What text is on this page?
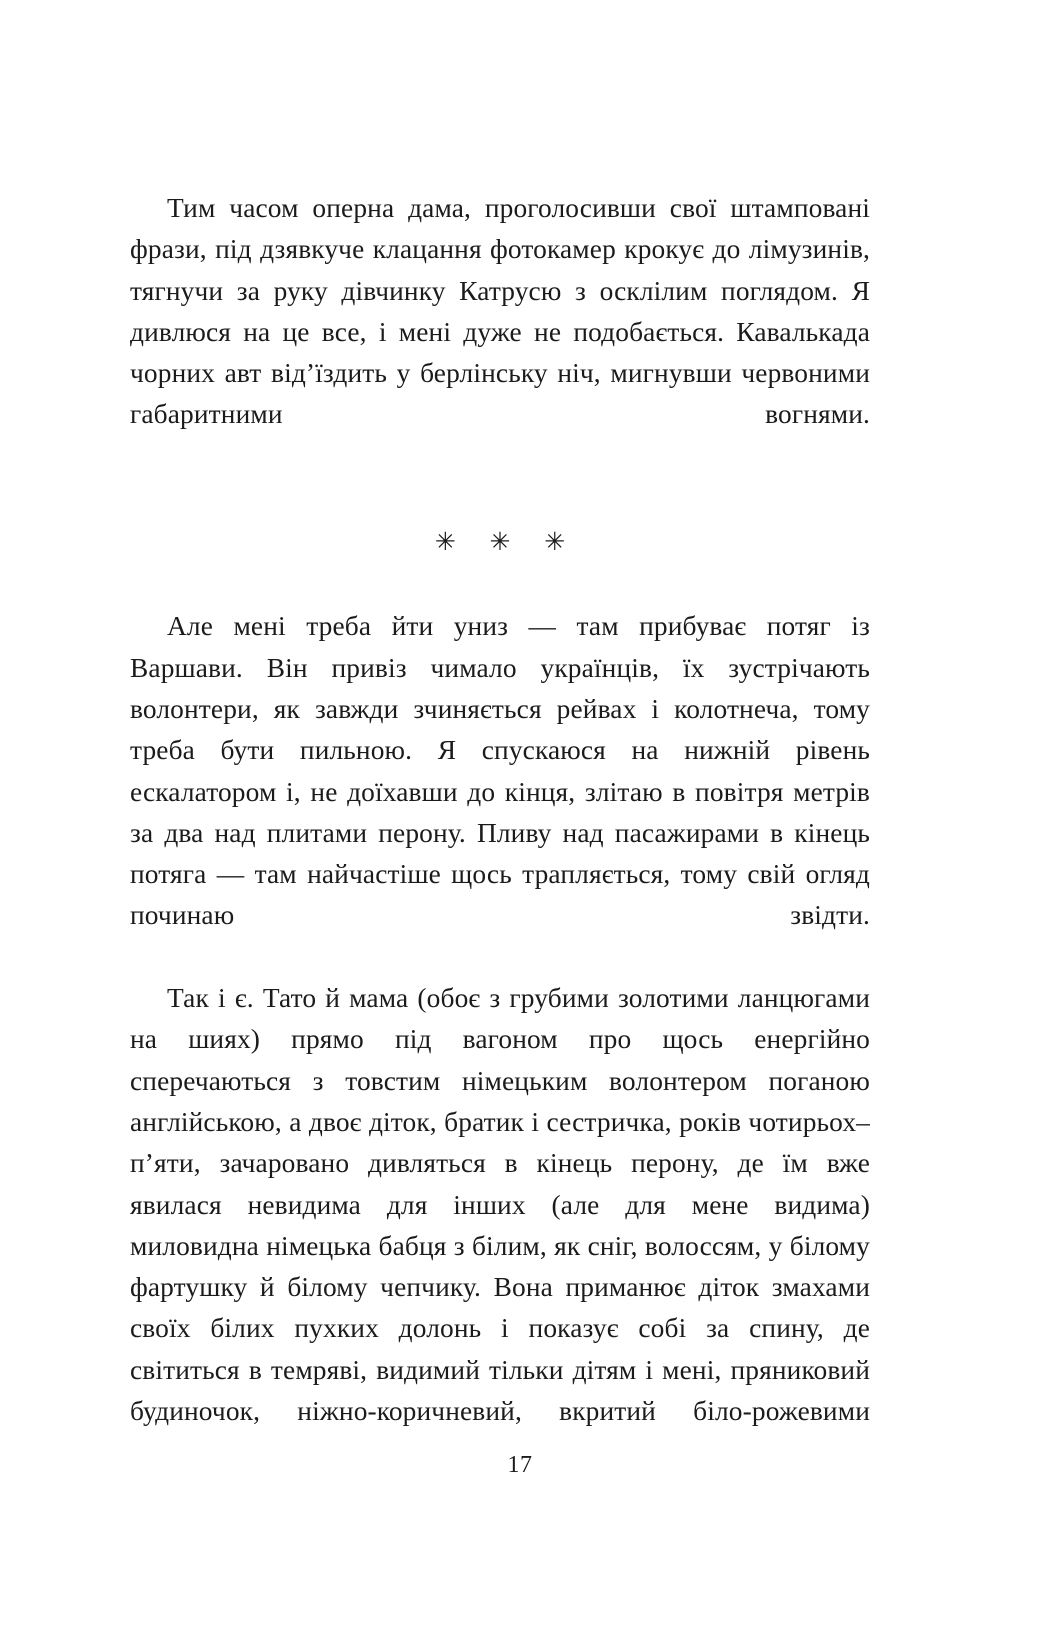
Тим часом оперна дама, проголосивши свої штамповані фрази, під дзявкуче клацання фотокамер крокує до лімузинів, тягнучи за руку дівчинку Катрусю з осклілим поглядом. Я дивлюся на це все, і мені дуже не подобається. Кавалькада чорних авт від’їздить у берлінську ніч, мигнувши червоними габаритними вогнями.

✳ ✳ ✳

Але мені треба йти униз — там прибуває потяг із Варшави. Він привіз чимало українців, їх зустрічають волонтери, як завжди зчиняється рейвах і колотнеча, тому треба бути пильною. Я спускаюся на нижній рівень ескалатором і, не доїхавши до кінця, злітаю в повітря метрів за два над плитами перону. Пливу над пасажирами в кінець потяга — там найчастіше щось трапляється, тому свій огляд починаю звідти.

Так і є. Тато й мама (обоє з грубими золотими ланцюгами на шиях) прямо під вагоном про щось енергійно сперечаються з товстим німецьким волонтером поганою англійською, а двоє діток, братик і сестричка, років чотирьох–п’яти, зачаровано дивляться в кінець перону, де їм вже явилася невидима для інших (але для мене видима) миловидна німецька бабця з білим, як сніг, волоссям, у білому фартушку й білому чепчику. Вона приманює діток змахами своїх білих пухких долонь і показує собі за спину, де світиться в темряві, видимий тільки дітям і мені, пряниковий будиночок, ніжно-коричневий, вкритий біло-рожевими

17
